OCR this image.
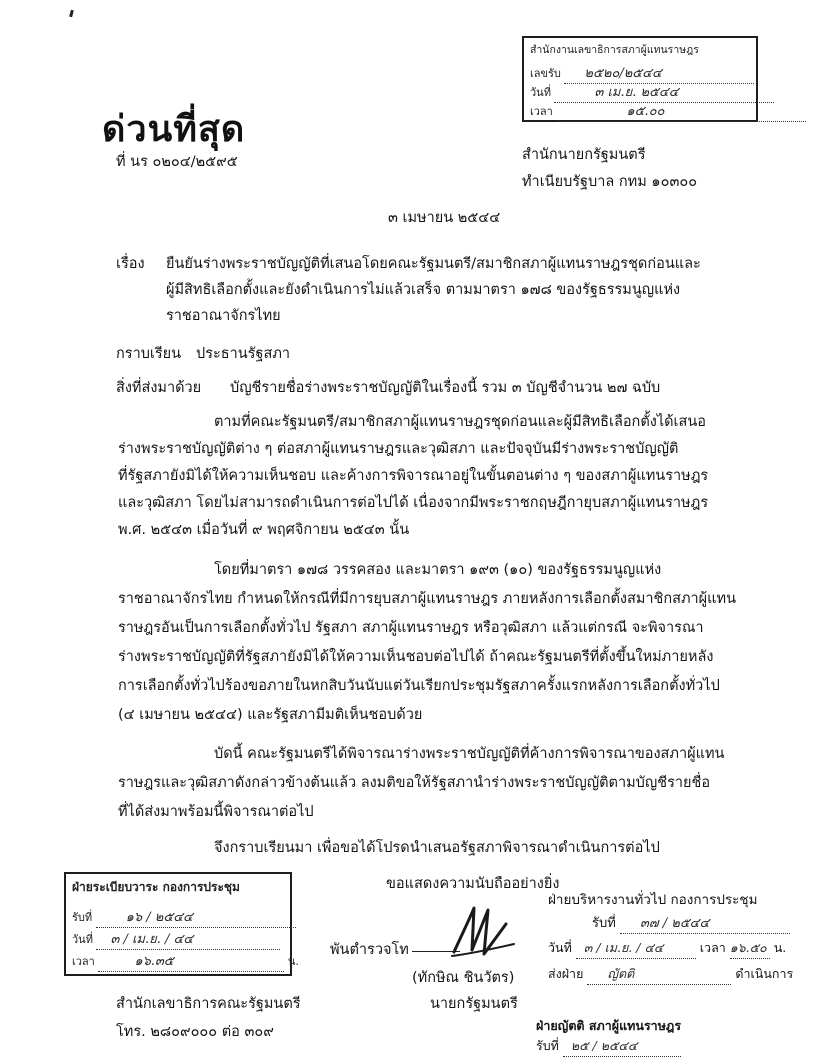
สำนักงานเลขาธิการสภาผู้แทนราษฎร
เลขรับ ๒๕๒๐/๒๕๔๔
วันที่	๓ เม.ย. ๒๕๔๔
เวลา	๑๕.๐๐
ด่วนที่สุด
ที่ นร ๐๒๐๔/๒๕๙๕	สำนักนายกรัฐมนตรี
ทำเนียบรัฐบาล กทม ๑๐๓๐๐
๓ เมษายน ๒๕๔๔
เรื่อง ยืนยันร่างพระราชบัญญัติที่เสนอโดยคณะรัฐมนตรี/สมาชิกสภาผู้แทนราษฎรชุดก่อนและ
ผู้มีสิทธิเลือกตั้งและยังดำเนินการไม่แล้วเสร็จ ตามมาตรา ๑๗๘ ของรัฐธรรมนูญแห่ง
ราชอาณาจักรไทย
กราบเรียน ประธานรัฐสภา
สิ่งที่ส่งมาด้วย บัญชีรายชื่อร่างพระราชบัญญัติในเรื่องนี้ รวม ๓ บัญชีจำนวน ๒๗ ฉบับ
ตามที่คณะรัฐมนตรี/สมาชิกสภาผู้แทนราษฎรชุดก่อนและผู้มีสิทธิเลือกตั้งได้เสนอ
ร่างพระราชบัญญัติต่าง ๆ ต่อสภาผู้แทนราษฎรและวุฒิสภา และปัจจุบันมีร่างพระราชบัญญัติ
ที่รัฐสภายังมิได้ให้ความเห็นชอบ และค้างการพิจารณาอยู่ในขั้นตอนต่าง ๆ ของสภาผู้แทนราษฎร
และวุฒิสภา โดยไม่สามารถดำเนินการต่อไปได้ เนื่องจากมีพระราชกฤษฎีกายุบสภาผู้แทนราษฎร
พ.ศ. ๒๕๔๓ เมื่อวันที่ ๙ พฤศจิกายน ๒๕๔๓ นั้น
โดยที่มาตรา ๑๗๘ วรรคสอง และมาตรา ๑๙๓ (๑๐) ของรัฐธรรมนูญแห่ง
ราชอาณาจักรไทย กำหนดให้กรณีที่มีการยุบสภาผู้แทนราษฎร ภายหลังการเลือกตั้งสมาชิกสภาผู้แทน
ราษฎรอันเป็นการเลือกตั้งทั่วไป รัฐสภา สภาผู้แทนราษฎร หรือวุฒิสภา แล้วแต่กรณี จะพิจารณา
ร่างพระราชบัญญัติที่รัฐสภายังมิได้ให้ความเห็นชอบต่อไปได้ ถ้าคณะรัฐมนตรีที่ตั้งขึ้นใหม่ภายหลัง
การเลือกตั้งทั่วไปร้องขอภายในหกสิบวันนับแต่วันเรียกประชุมรัฐสภาครั้งแรกหลังการเลือกตั้งทั่วไป
(๔ เมษายน ๒๕๔๔) และรัฐสภามีมติเห็นชอบด้วย
บัดนี้ คณะรัฐมนตรีได้พิจารณาร่างพระราชบัญญัติที่ค้างการพิจารณาของสภาผู้แทน
ราษฎรและวุฒิสภาดังกล่าวข้างต้นแล้ว ลงมติขอให้รัฐสภานำร่างพระราชบัญญัติตามบัญชีรายชื่อ
ที่ได้ส่งมาพร้อมนี้พิจารณาต่อไป
จึงกราบเรียนมา เพื่อขอได้โปรดนำเสนอรัฐสภาพิจารณาดำเนินการต่อไป
ขอแสดงความนับถืออย่างยิ่ง
ฝ่ายระเบียบวาระ กองการประชุม
รับที่	๑๖ / ๒๕๔๔
วันที่ ๓ / เม.ย. / ๔๔
เวลา	๑๖.๓๕	น.
ฝ่ายบริหารงานทั่วไป กองการประชุม
รับที่ ๓๗ / ๒๕๔๔
วันที่ ๓ / เม.ย. / ๔๔	เวลา ๑๖.๕๐ น.
ส่งฝ่าย ญัตติ	ดำเนินการ
พันตำรวจโท
(ทักษิณ ชินวัตร)
นายกรัฐมนตรี
ฝ่ายญัตติ สภาผู้แทนราษฎร
รับที่ ๒๕ / ๒๕๔๔
สำนักเลขาธิการคณะรัฐมนตรี
โทร. ๒๘๐๙๐๐๐ ต่อ ๓๐๙
